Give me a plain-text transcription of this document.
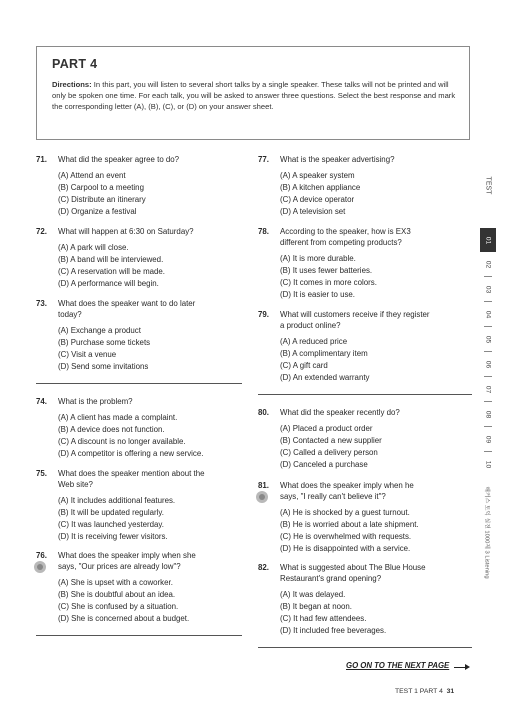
PART 4
Directions: In this part, you will listen to several short talks by a single speaker. These talks will not be printed and will only be spoken one time. For each talk, you will be asked to answer three questions. Select the best response and mark the corresponding letter (A), (B), (C), or (D) on your answer sheet.
71. What did the speaker agree to do?
(A) Attend an event
(B) Carpool to a meeting
(C) Distribute an itinerary
(D) Organize a festival
72. What will happen at 6:30 on Saturday?
(A) A park will close.
(B) A band will be interviewed.
(C) A reservation will be made.
(D) A performance will begin.
73. What does the speaker want to do later
today?
(A) Exchange a product
(B) Purchase some tickets
(C) Visit a venue
(D) Send some invitations
74. What is the problem?
(A) A client has made a complaint.
(B) A device does not function.
(C) A discount is no longer available.
(D) A competitor is offering a new service.
75. What does the speaker mention about the
Web site?
(A) It includes additional features.
(B) It will be updated regularly.
(C) It was launched yesterday.
(D) It is receiving fewer visitors.
76. What does the speaker imply when she
says, "Our prices are already low"?
(A) She is upset with a coworker.
(B) She is doubtful about an idea.
(C) She is confused by a situation.
(D) She is concerned about a budget.
77. What is the speaker advertising?
(A) A speaker system
(B) A kitchen appliance
(C) A device operator
(D) A television set
78. According to the speaker, how is EX3
different from competing products?
(A) It is more durable.
(B) It uses fewer batteries.
(C) It comes in more colors.
(D) It is easier to use.
79. What will customers receive if they register
a product online?
(A) A reduced price
(B) A complimentary item
(C) A gift card
(D) An extended warranty
80. What did the speaker recently do?
(A) Placed a product order
(B) Contacted a new supplier
(C) Called a delivery person
(D) Canceled a purchase
81. What does the speaker imply when he
says, "I really can't believe it"?
(A) He is shocked by a guest turnout.
(B) He is worried about a late shipment.
(C) He is overwhelmed with requests.
(D) He is disappointed with a service.
82. What is suggested about The Blue House
Restaurant's grand opening?
(A) It was delayed.
(B) It began at noon.
(C) It had few attendees.
(D) It included free beverages.
GO ON TO THE NEXT PAGE
TEST 1 PART 4 31
TEST
01
02
03
04
05
06
07
08
09
10
해커스 토익 실전 1000제 3 Listening
